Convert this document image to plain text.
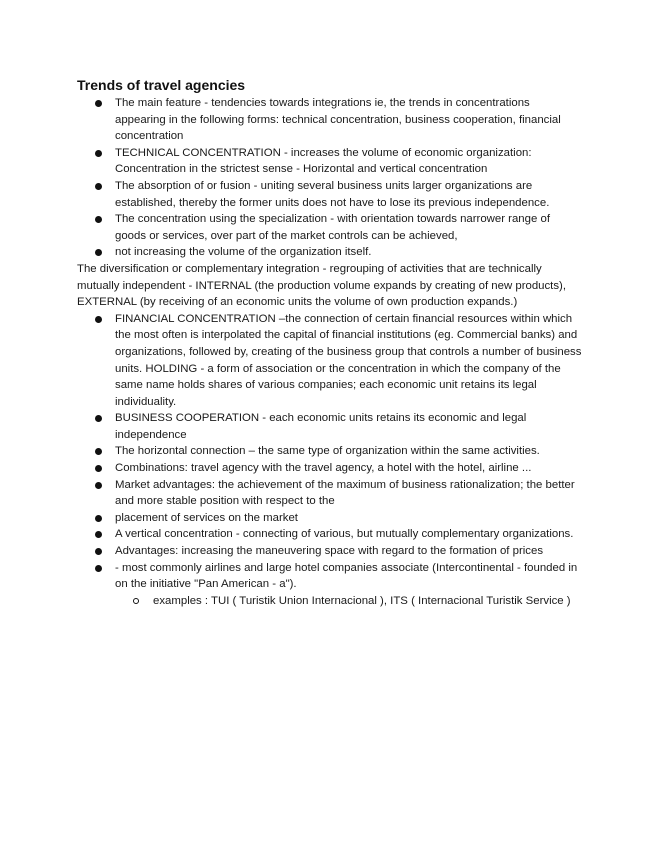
Trends of travel agencies
The main feature - tendencies towards integrations ie, the trends in concentrations appearing in the following forms: technical concentration, business cooperation, financial concentration
TECHNICAL CONCENTRATION - increases the volume of economic organization: Concentration in the strictest sense - Horizontal and vertical concentration
The absorption of or fusion - uniting several business units larger organizations are established, thereby the former units does not have to lose its previous independence.
The concentration using the specialization - with orientation towards narrower range of goods or services, over part of the market controls can be achieved,
not increasing the volume of the organization itself.

The diversification or complementary integration - regrouping of activities that are technically mutually independent - INTERNAL (the production volume expands by creating of new products), EXTERNAL (by receiving of an economic units the volume of own production expands.)

FINANCIAL CONCENTRATION –the connection of certain financial resources within which the most often is interpolated the capital of financial institutions (eg. Commercial banks) and organizations, followed by, creating of the business group that controls a number of business units. HOLDING - a form of association or the concentration in which the company of the same name holds shares of various companies; each economic unit retains its legal individuality.
BUSINESS COOPERATION - each economic units retains its economic and legal independence
The horizontal connection – the same type of organization within the same activities.
Combinations: travel agency with the travel agency, a hotel with the hotel, airline ...
Market advantages: the achievement of the maximum of business rationalization; the better and more stable position with respect to the
placement of services on the market
A vertical concentration - connecting of various, but mutually complementary organizations.
Advantages: increasing the maneuvering space with regard to the formation of prices
- most commonly airlines and large hotel companies associate (Intercontinental - founded in on the initiative "Pan American - a").
examples : TUI ( Turistik Union Internacional ), ITS ( Internacional Turistik Service )
